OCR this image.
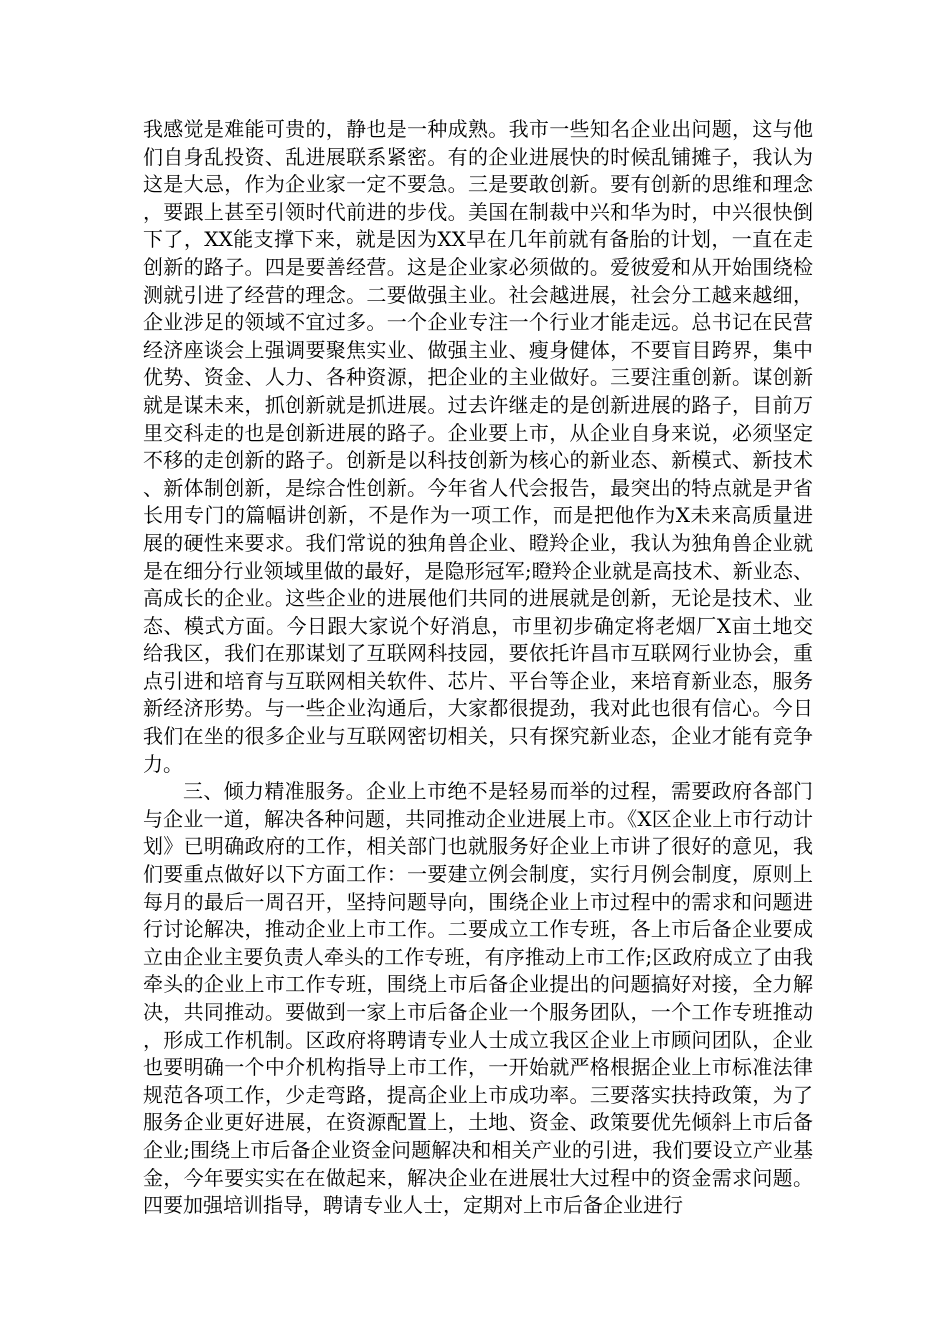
我感觉是难能可贵的，静也是一种成熟。我市一些知名企业出问题，这与他们自身乱投资、乱进展联系紧密。有的企业进展快的时候乱铺摊子，我认为这是大忌，作为企业家一定不要急。三是要敢创新。要有创新的思维和理念，要跟上甚至引领时代前进的步伐。美国在制裁中兴和华为时，中兴很快倒下了，XX能支撑下来，就是因为XX早在几年前就有备胎的计划，一直在走创新的路子。四是要善经营。这是企业家必须做的。爱彼爱和从开始围绕检测就引进了经营的理念。二要做强主业。社会越进展，社会分工越来越细，企业涉足的领域不宜过多。一个企业专注一个行业才能走远。总书记在民营经济座谈会上强调要聚焦实业、做强主业、瘦身健体，不要盲目跨界，集中优势、资金、人力、各种资源，把企业的主业做好。三要注重创新。谋创新就是谋未来，抓创新就是抓进展。过去许继走的是创新进展的路子，目前万里交科走的也是创新进展的路子。企业要上市，从企业自身来说，必须坚定不移的走创新的路子。创新是以科技创新为核心的新业态、新模式、新技术、新体制创新，是综合性创新。今年省人代会报告，最突出的特点就是尹省长用专门的篇幅讲创新，不是作为一项工作，而是把他作为X未来高质量进展的硬性来要求。我们常说的独角兽企业、瞪羚企业，我认为独角兽企业就是在细分行业领域里做的最好，是隐形冠军;瞪羚企业就是高技术、新业态、高成长的企业。这些企业的进展他们共同的进展就是创新，无论是技术、业态、模式方面。今日跟大家说个好消息，市里初步确定将老烟厂X亩土地交给我区，我们在那谋划了互联网科技园，要依托许昌市互联网行业协会，重点引进和培育与互联网相关软件、芯片、平台等企业，来培育新业态，服务新经济形势。与一些企业沟通后，大家都很提劲，我对此也很有信心。今日我们在坐的很多企业与互联网密切相关，只有探究新业态，企业才能有竞争力。

三、倾力精准服务。企业上市绝不是轻易而举的过程，需要政府各部门与企业一道，解决各种问题，共同推动企业进展上市。《X区企业上市行动计划》已明确政府的工作，相关部门也就服务好企业上市讲了很好的意见，我们要重点做好以下方面工作：一要建立例会制度，实行月例会制度，原则上每月的最后一周召开，坚持问题导向，围绕企业上市过程中的需求和问题进行讨论解决，推动企业上市工作。二要成立工作专班，各上市后备企业要成立由企业主要负责人牵头的工作专班，有序推动上市工作;区政府成立了由我牵头的企业上市工作专班，围绕上市后备企业提出的问题搞好对接，全力解决，共同推动。要做到一家上市后备企业一个服务团队，一个工作专班推动，形成工作机制。区政府将聘请专业人士成立我区企业上市顾问团队，企业也要明确一个中介机构指导上市工作，一开始就严格根据企业上市标准法律规范各项工作，少走弯路，提高企业上市成功率。三要落实扶持政策，为了服务企业更好进展，在资源配置上，土地、资金、政策要优先倾斜上市后备企业;围绕上市后备企业资金问题解决和相关产业的引进，我们要设立产业基金，今年要实实在在做起来，解决企业在进展壮大过程中的资金需求问题。四要加强培训指导，聘请专业人士，定期对上市后备企业进行
